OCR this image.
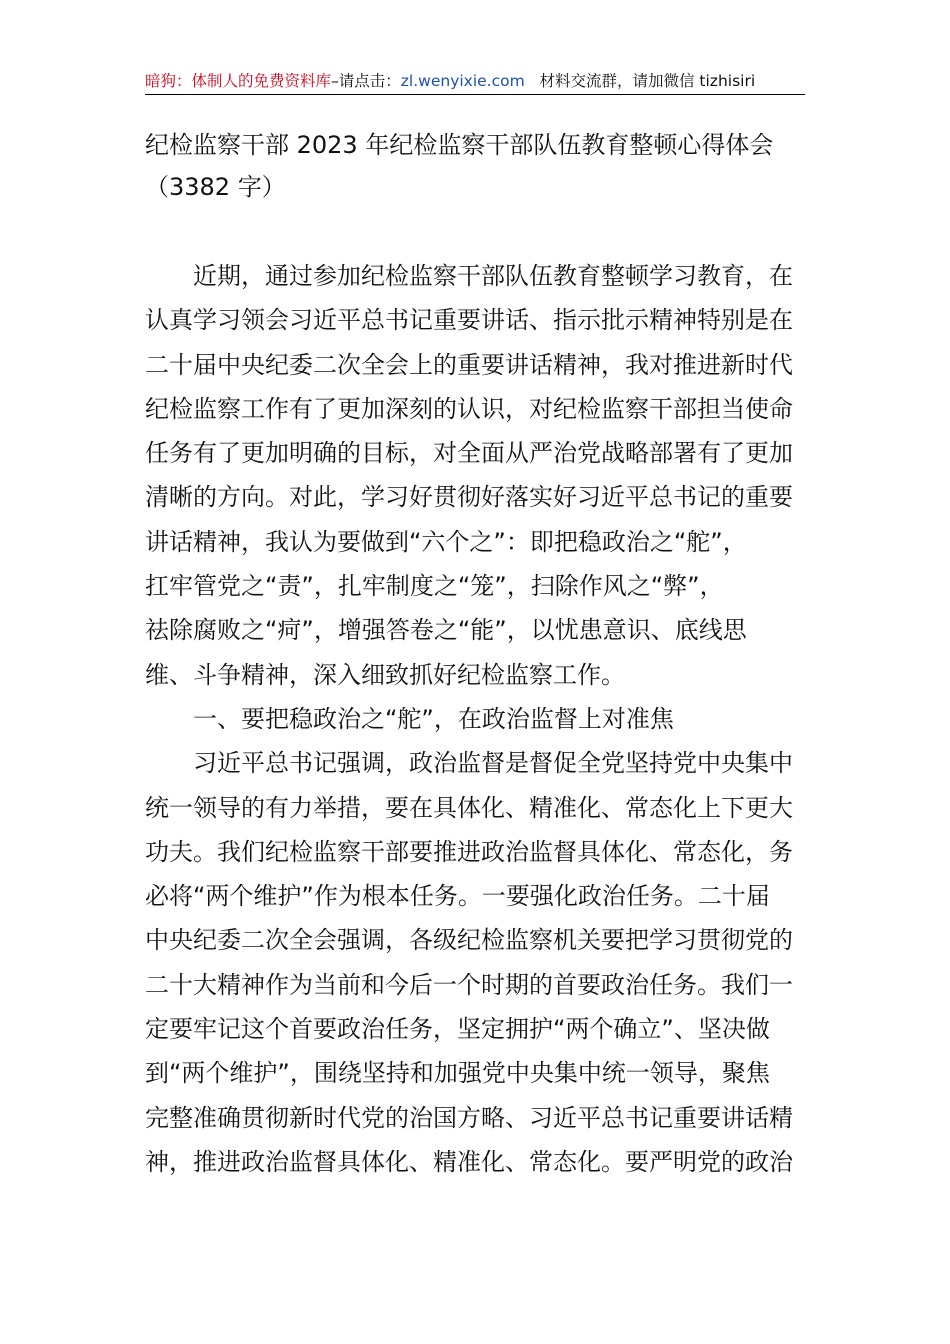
暗狗：体制人的免费资料库–请点击：zl.wenyixie.com 材料交流群，请加微信 tizhisiri
纪检监察干部 2023 年纪检监察干部队伍教育整顿心得体会
（3382 字）
近期，通过参加纪检监察干部队伍教育整顿学习教育，在
认真学习领会习近平总书记重要讲话、指示批示精神特别是在
二十届中央纪委二次全会上的重要讲话精神，我对推进新时代
纪检监察工作有了更加深刻的认识，对纪检监察干部担当使命
任务有了更加明确的目标，对全面从严治党战略部署有了更加
清晰的方向。对此，学习好贯彻好落实好习近平总书记的重要
讲话精神，我认为要做到“六个之”：即把稳政治之“舵”，
扛牢管党之“责”，扎牢制度之“笼”，扫除作风之“弊”，
祛除腐败之“疴”，增强答卷之“能”，以忧患意识、底线思
维、斗争精神，深入细致抓好纪检监察工作。
一、要把稳政治之“舵”，在政治监督上对准焦
习近平总书记强调，政治监督是督促全党坚持党中央集中
统一领导的有力举措，要在具体化、精准化、常态化上下更大
功夫。我们纪检监察干部要推进政治监督具体化、常态化，务
必将“两个维护”作为根本任务。一要强化政治任务。二十届
中央纪委二次全会强调，各级纪检监察机关要把学习贯彻党的
二十大精神作为当前和今后一个时期的首要政治任务。我们一
定要牢记这个首要政治任务，坚定拥护“两个确立”、坚决做
到“两个维护”，围绕坚持和加强党中央集中统一领导，聚焦
完整准确贯彻新时代党的治国方略、习近平总书记重要讲话精
神，推进政治监督具体化、精准化、常态化。要严明党的政治
